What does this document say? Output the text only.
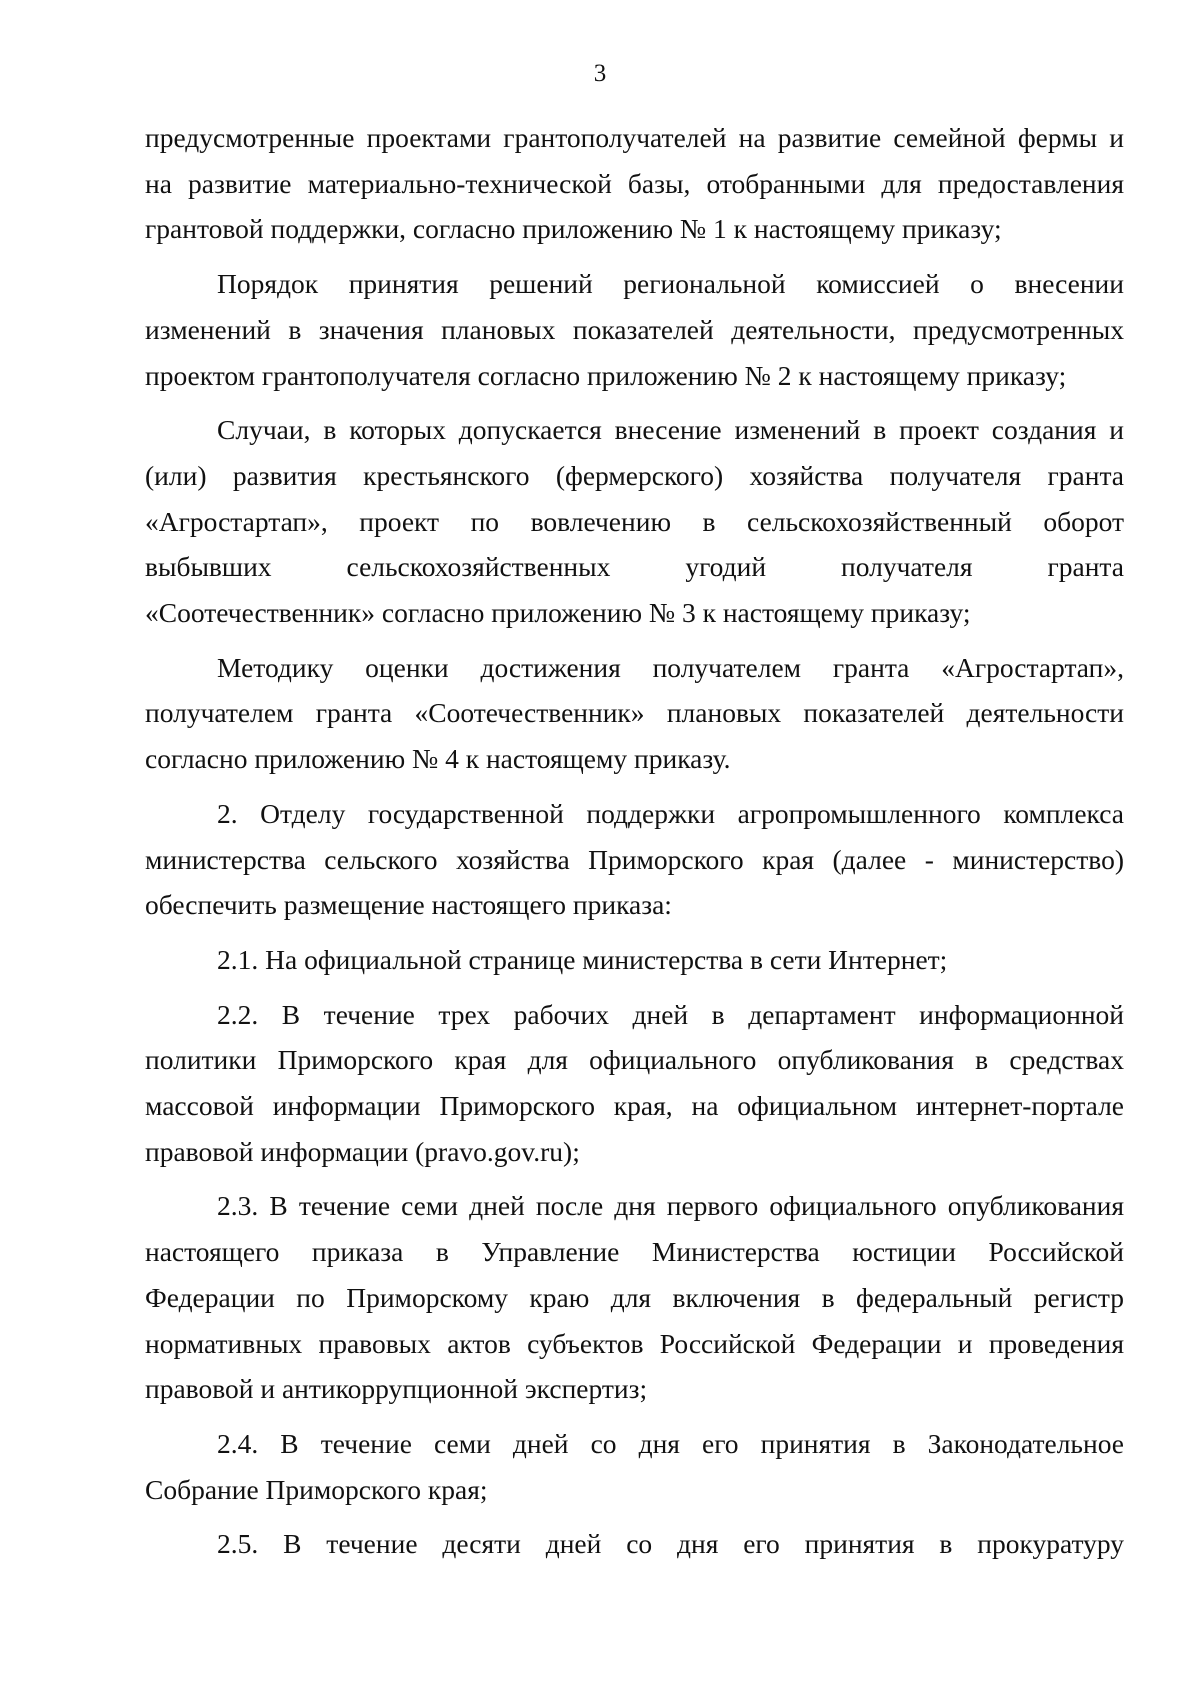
3

предусмотренные проектами грантополучателей на развитие семейной фермы и
на развитие материально-технической базы, отобранными для предоставления
грантовой поддержки, согласно приложению № 1 к настоящему приказу;

Порядок принятия решений региональной комиссией о внесении
изменений в значения плановых показателей деятельности, предусмотренных
проектом грантополучателя согласно приложению № 2 к настоящему приказу;

Случаи, в которых допускается внесение изменений в проект создания и
(или) развития крестьянского (фермерского) хозяйства получателя гранта
«Агростартап», проект по вовлечению в сельскохозяйственный оборот
выбывших сельскохозяйственных угодий получателя гранта
«Соотечественник» согласно приложению № 3 к настоящему приказу;

Методику оценки достижения получателем гранта «Агростартап»,
получателем гранта «Соотечественник» плановых показателей деятельности
согласно приложению № 4 к настоящему приказу.

2. Отделу государственной поддержки агропромышленного комплекса
министерства сельского хозяйства Приморского края (далее - министерство)
обеспечить размещение настоящего приказа:

2.1. На официальной странице министерства в сети Интернет;

2.2. В течение трех рабочих дней в департамент информационной
политики Приморского края для официального опубликования в средствах
массовой информации Приморского края, на официальном интернет-портале
правовой информации (pravo.gov.ru);

2.3. В течение семи дней после дня первого официального опубликования
настоящего приказа в Управление Министерства юстиции Российской
Федерации по Приморскому краю для включения в федеральный регистр
нормативных правовых актов субъектов Российской Федерации и проведения
правовой и антикоррупционной экспертиз;

2.4. В течение семи дней со дня его принятия в Законодательное
Собрание Приморского края;

2.5. В течение десяти дней со дня его принятия в прокуратуру
